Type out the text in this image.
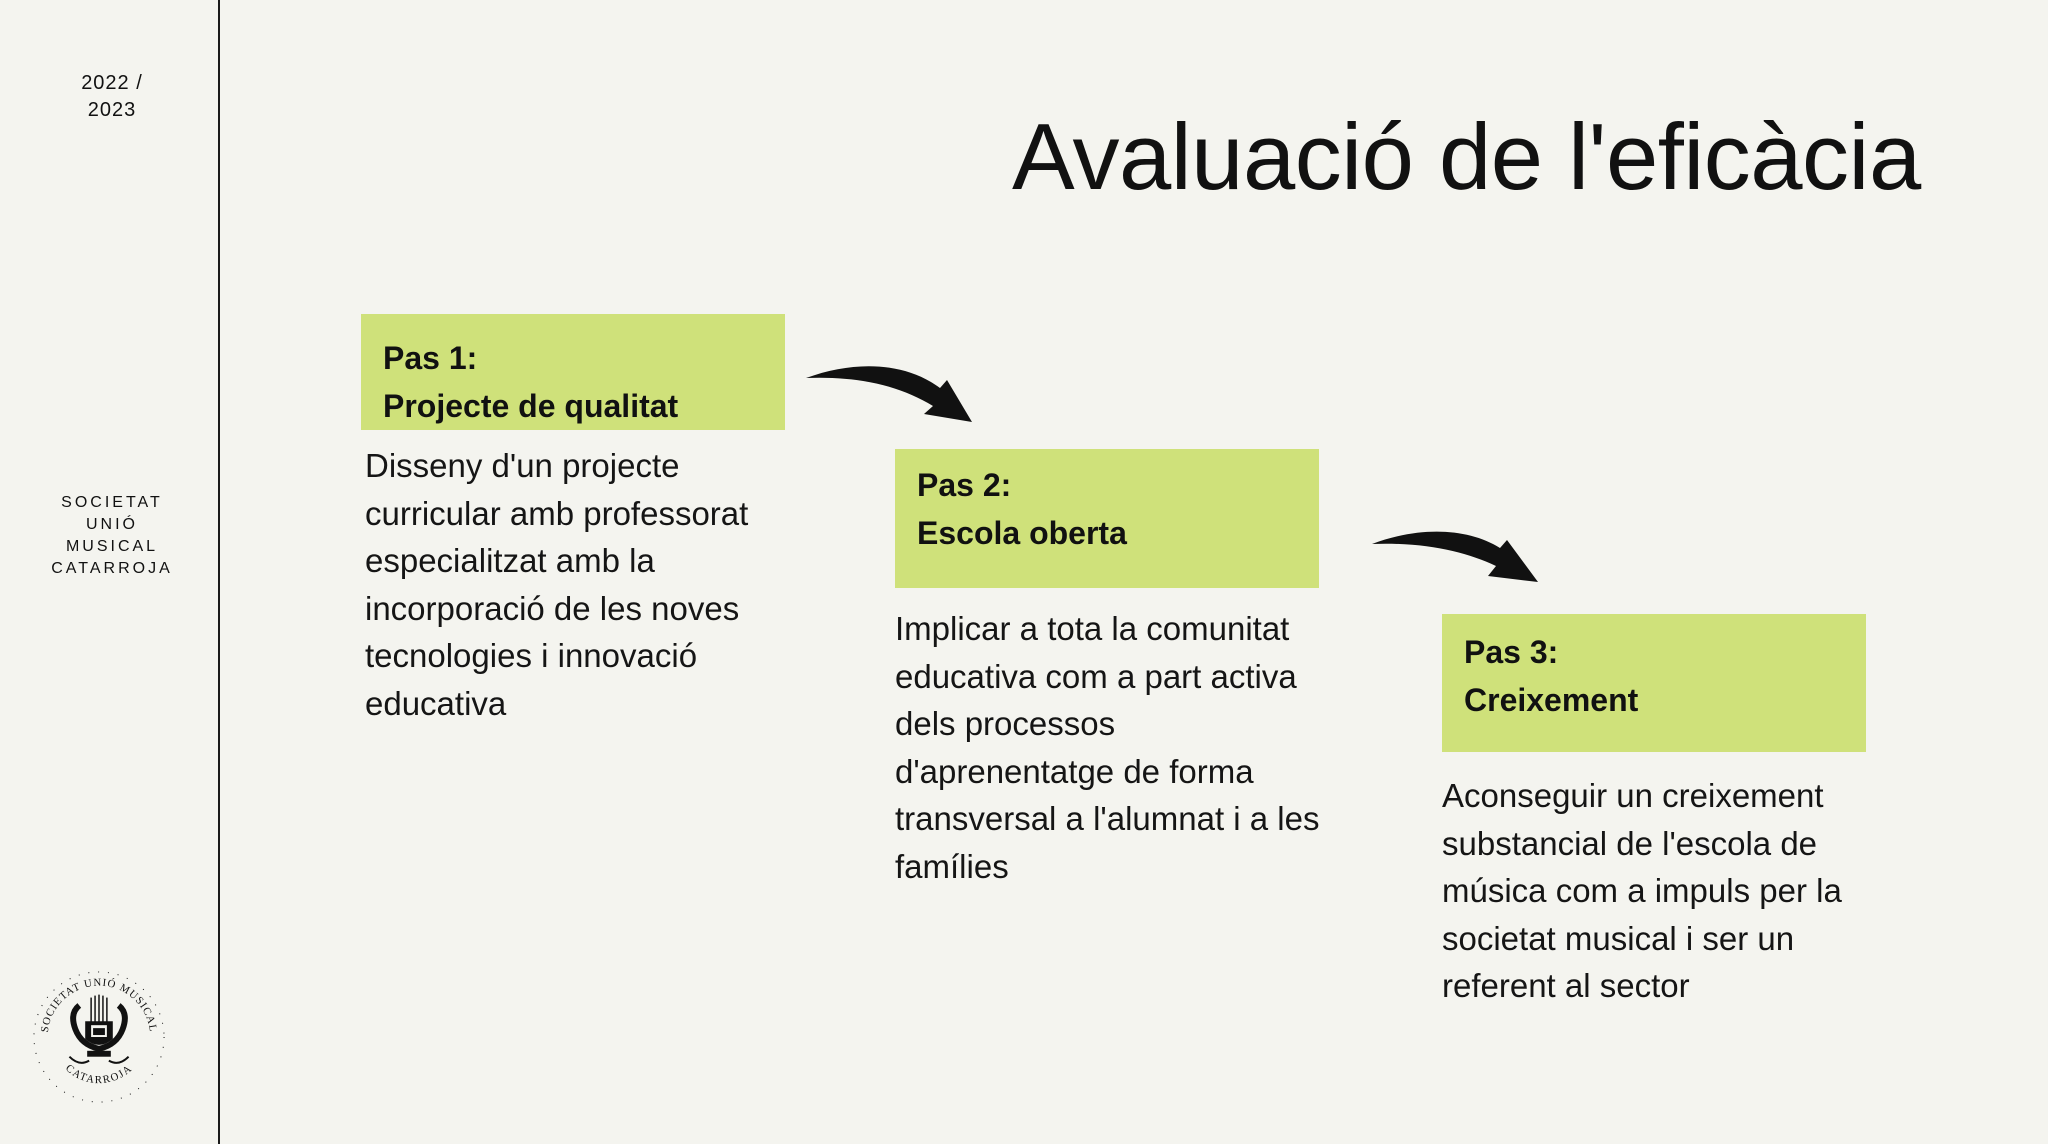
2022 /
2023
SOCIETAT
UNIÓ
MUSICAL
CATARROJA
SOCIETAT UNIÓ MUSICAL
CATARROJA
Avaluació de l'eficàcia
Pas 1:
Projecte de qualitat
Disseny d'un projecte curricular amb professorat especialitzat amb la incorporació de les noves tecnologies i innovació educativa
Pas 2:
Escola oberta
Implicar a tota la comunitat educativa com a part activa dels processos d'aprenentatge de forma transversal a l'alumnat i a les famílies
Pas 3:
Creixement
Aconseguir un creixement substancial de l'escola de música com a impuls per la societat musical i ser un referent al sector
